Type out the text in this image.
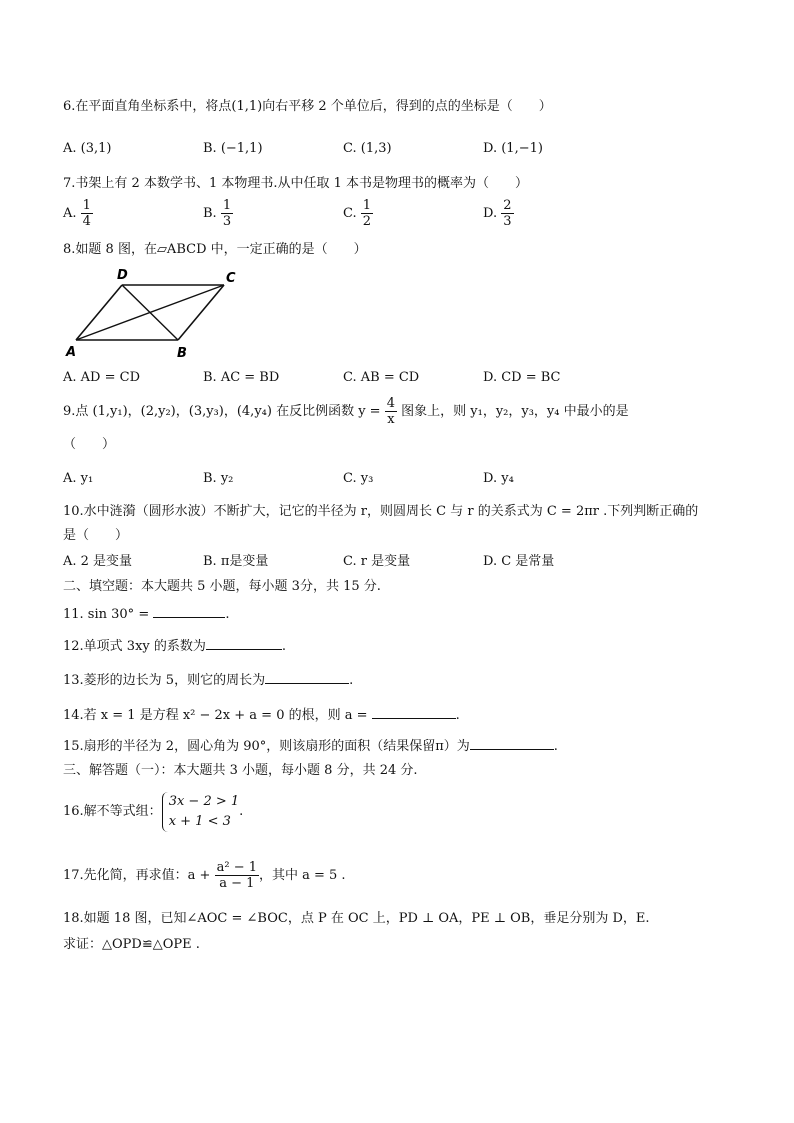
6.在平面直角坐标系中，将点(1,1)向右平移 2 个单位后，得到的点的坐标是（　　）
A. (3,1)	B. (−1,1)	C. (1,3)	D. (1,−1)
7.书架上有 2 本数学书、1 本物理书.从中任取 1 本书是物理书的概率为（　　）
A. $\frac{1}{4}$	B. $\frac{1}{3}$	C. $\frac{1}{2}$	D. $\frac{2}{3}$
8.如题 8 图，在▱ABCD 中，一定正确的是（　　）
D	C
A	B
A. AD = CD	B. AC = BD	C. AB = CD	D. CD = BC
9.点 (1,y₁)，(2,y₂)，(3,y₃)，(4,y₄) 在反比例函数 $y = \frac{4}{x}$ 图象上，则 y₁，y₂，y₃，y₄ 中最小的是
（　　）
A. y₁	B. y₂	C. y₃	D. y₄
10.水中涟漪（圆形水波）不断扩大，记它的半径为 r，则圆周长 C 与 r 的关系式为 C = 2πr .下列判断正确的
是（　　）
A. 2 是变量	B. π是变量	C. r 是变量	D. C 是常量
二、填空题：本大题共 5 小题，每小题 3分，共 15 分.
11. sin 30° =	.
12.单项式 3xy 的系数为	.
13.菱形的边长为 5，则它的周长为	.
14.若 x = 1 是方程 x² − 2x + a = 0 的根，则 a =	.
15.扇形的半径为 2，圆心角为 90°，则该扇形的面积（结果保留π）为	.
三、解答题（一）：本大题共 3 小题，每小题 8 分，共 24 分.
16.解不等式组：
3x − 2 > 1
x + 1 < 3
.
17.先化简，再求值：$a + \frac{\text{a² − 1}}{a - 1}$ ，其中 a = 5 .
18.如题 18 图，已知∠AOC = ∠BOC，点 P 在 OC 上，PD ⊥ OA，PE ⊥ OB，垂足分别为 D，E.
求证：△OPD≌△OPE .
